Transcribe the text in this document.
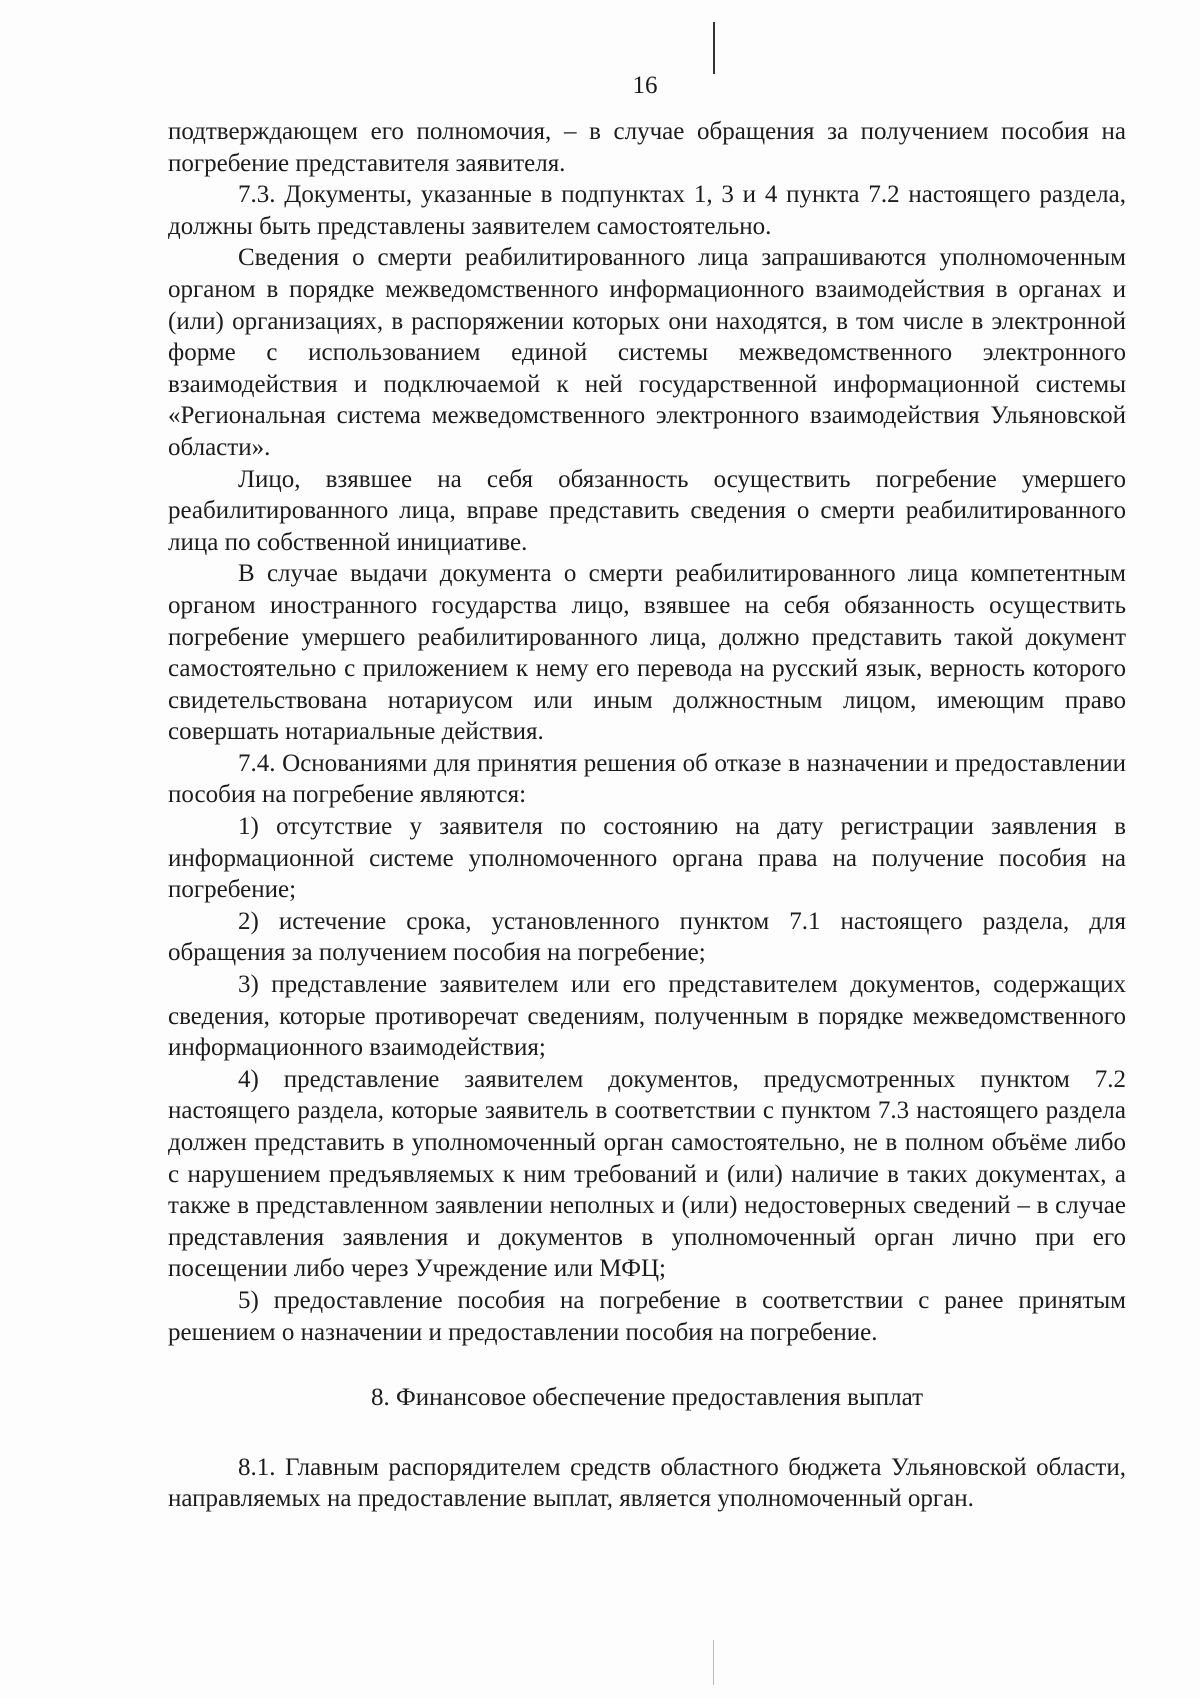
16

подтверждающем его полномочия, – в случае обращения за получением пособия на погребение представителя заявителя.

7.3. Документы, указанные в подпунктах 1, 3 и 4 пункта 7.2 настоящего раздела, должны быть представлены заявителем самостоятельно.

Сведения о смерти реабилитированного лица запрашиваются уполномоченным органом в порядке межведомственного информационного взаимодействия в органах и (или) организациях, в распоряжении которых они находятся, в том числе в электронной форме с использованием единой системы межведомственного электронного взаимодействия и подключаемой к ней государственной информационной системы «Региональная система межведомственного электронного взаимодействия Ульяновской области».

Лицо, взявшее на себя обязанность осуществить погребение умершего реабилитированного лица, вправе представить сведения о смерти реабилитированного лица по собственной инициативе.

В случае выдачи документа о смерти реабилитированного лица компетентным органом иностранного государства лицо, взявшее на себя обязанность осуществить погребение умершего реабилитированного лица, должно представить такой документ самостоятельно с приложением к нему его перевода на русский язык, верность которого свидетельствована нотариусом или иным должностным лицом, имеющим право совершать нотариальные действия.

7.4. Основаниями для принятия решения об отказе в назначении и предоставлении пособия на погребение являются:

1) отсутствие у заявителя по состоянию на дату регистрации заявления в информационной системе уполномоченного органа права на получение пособия на погребение;

2) истечение срока, установленного пунктом 7.1 настоящего раздела, для обращения за получением пособия на погребение;

3) представление заявителем или его представителем документов, содержащих сведения, которые противоречат сведениям, полученным в порядке межведомственного информационного взаимодействия;

4) представление заявителем документов, предусмотренных пунктом 7.2 настоящего раздела, которые заявитель в соответствии с пунктом 7.3 настоящего раздела должен представить в уполномоченный орган самостоятельно, не в полном объёме либо с нарушением предъявляемых к ним требований и (или) наличие в таких документах, а также в представленном заявлении неполных и (или) недостоверных сведений – в случае представления заявления и документов в уполномоченный орган лично при его посещении либо через Учреждение или МФЦ;

5) предоставление пособия на погребение в соответствии с ранее принятым решением о назначении и предоставлении пособия на погребение.

8. Финансовое обеспечение предоставления выплат

8.1. Главным распорядителем средств областного бюджета Ульяновской области, направляемых на предоставление выплат, является уполномоченный орган.
